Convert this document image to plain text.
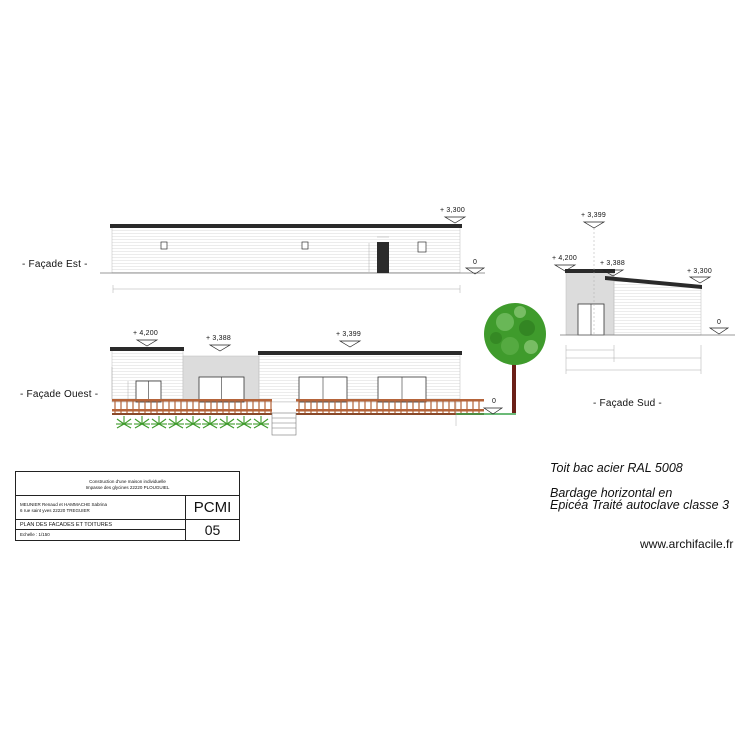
- Façade Est -
- Façade Ouest -
- Façade Sud -
+ 3,300
0
+ 4,200
+ 3,388
+ 3,399
0
+ 3,399
+ 4,200
+ 3,388
+ 3,300
0
Toit bac acier RAL 5008
Bardage horizontal en
Epicéa Traité autoclave classe 3
Construction d'une maison individuelle
Impasse des glycines 22220 PLOUGUIEL
MEUNIER Renaud et HAMMACHE Sabrina
6 rue saint yves 22220 TREGUIER	PCMI
PLAN DES FACADES ET TOITURES
Echelle : 1/150	05
www.archifacile.fr
